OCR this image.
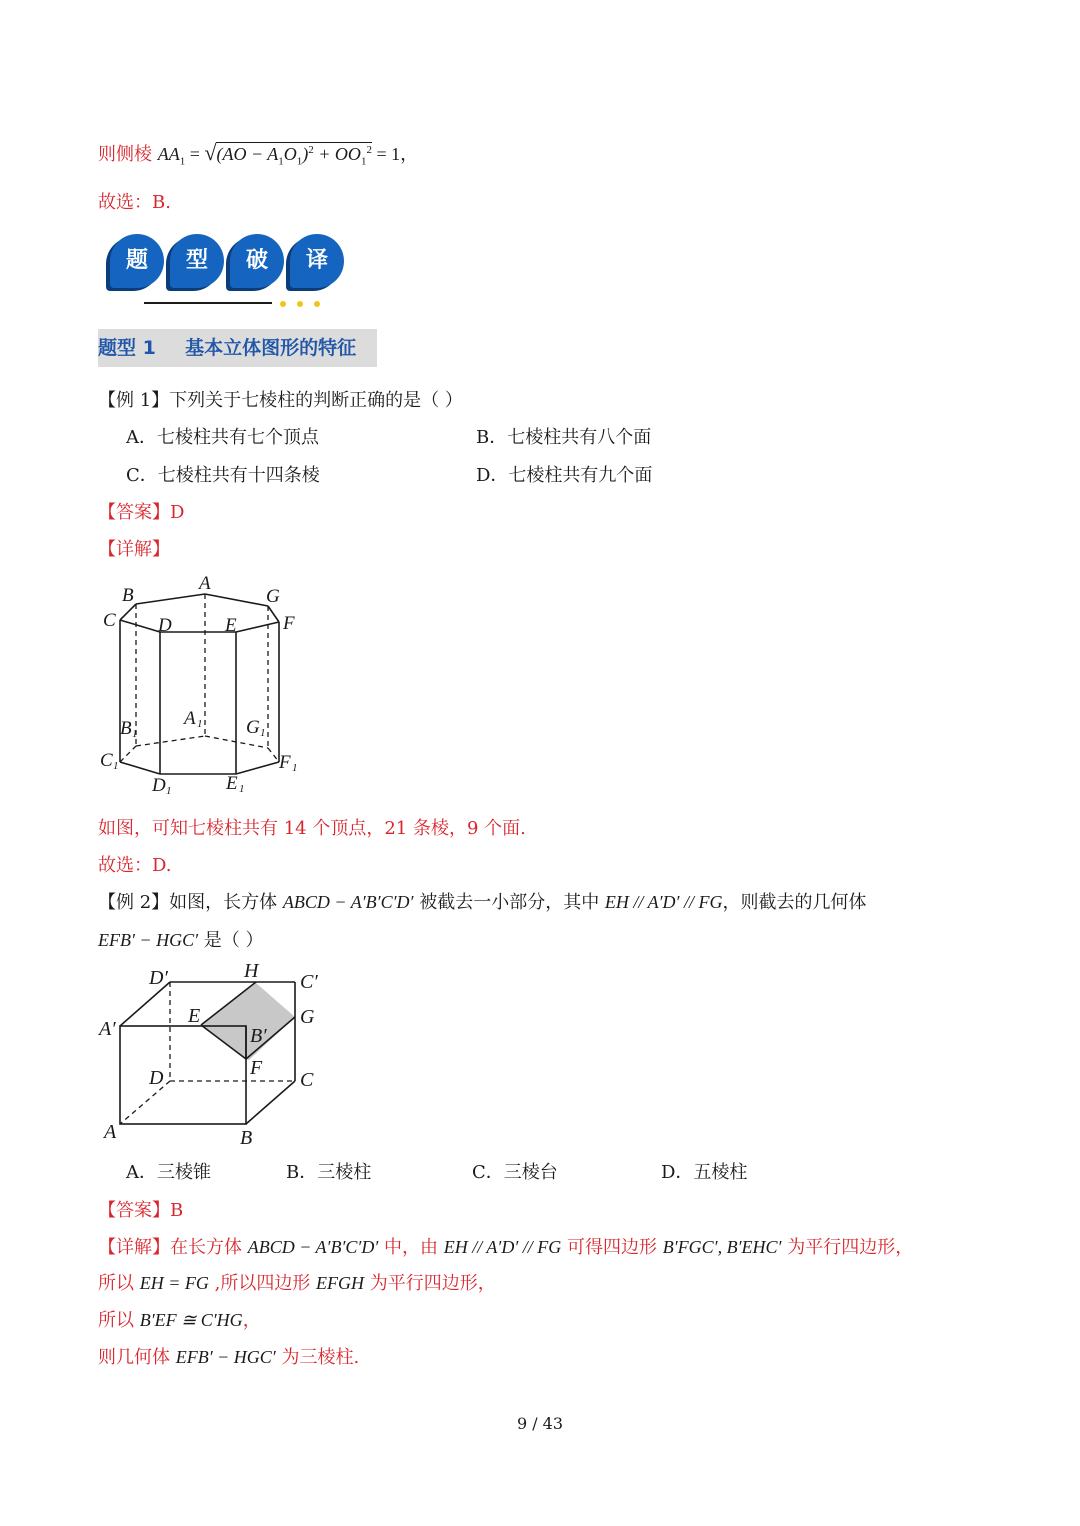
则侧棱 $AA_1 = √(AO - A_1O_1)^2 + OO_1^2 = 1$，
故选：B.
题	型	破	译
题型 1 基本立体图形的特征
【例 1】下列关于七棱柱的判断正确的是（ ）
A．七棱柱共有七个顶点	B．七棱柱共有八个面
C．七棱柱共有十四条棱	D．七棱柱共有九个面
【答案】D
【详解】
A
B
C D	E F
G
A
B
C
D	E
F
G
1
1
1
1	1
1
1
如图，可知七棱柱共有 14 个顶点，21 条棱，9 个面.
故选：D.
【例 2】如图，长方体 ABCD − A′B′C′D′ 被截去一小部分，其中 EH // A′D′ // FG，则截去的几何体
EFB′ − HGC′ 是（ ）
A	B
C
D
A′	B′
C′
D′
E
F
G
H
A．三棱锥	B．三棱柱	C．三棱台	D．五棱柱
【答案】B
【详解】在长方体 ABCD − A′B′C′D′ 中，由 EH // A′D′ // FG 可得四边形 B′FGC′, B′EHC′ 为平行四边形，
所以 EH = FG ,所以四边形 EFGH 为平行四边形，
所以 B′EF ≅ C′HG，
则几何体 EFB′ − HGC′ 为三棱柱.
9 / 43
